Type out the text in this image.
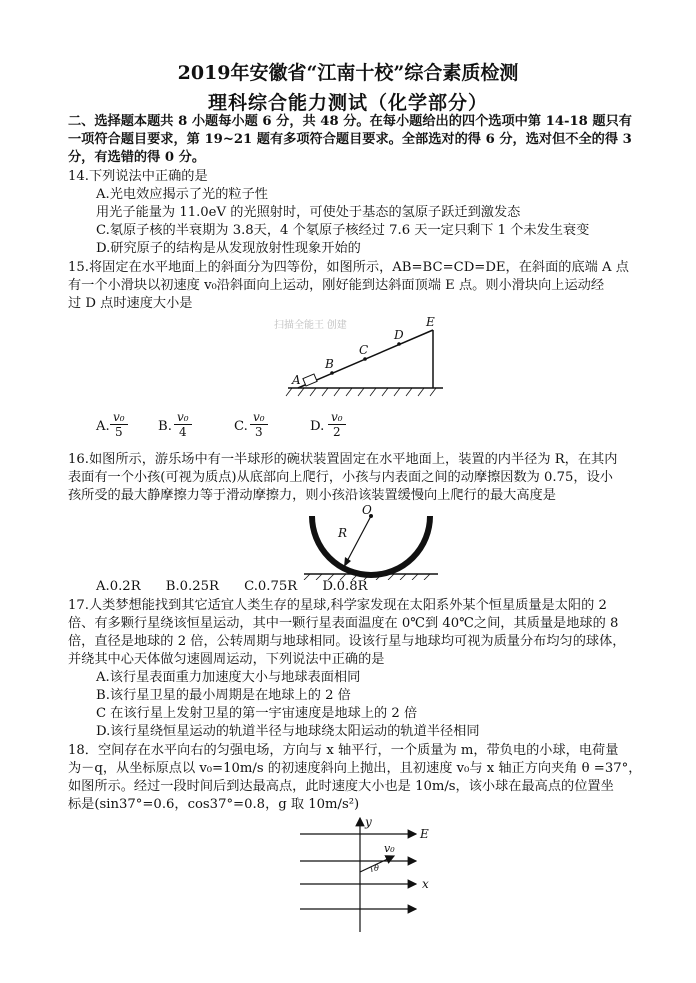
2019年安徽省“江南十校”综合素质检测
理科综合能力测试（化学部分）
二、选择题本题共 8 小题每小题 6 分，共 48 分。在每小题给出的四个选项中第 14-18 题只有
一项符合题目要求，第 19~21 题有多项符合题目要求。全部选对的得 6 分，选对但不全的得 3
分，有选错的得 0 分。
14.下列说法中正确的是
A.光电效应揭示了光的粒子性
用光子能量为 11.0eV 的光照射时，可使处于基态的氢原子跃迁到激发态
C.氡原子核的半衰期为 3.8天，4 个氡原子核经过 7.6 天一定只剩下 1 个未发生衰变
D.研究原子的结构是从发现放射性现象开始的
15.将固定在水平地面上的斜面分为四等份，如图所示，AB=BC=CD=DE，在斜面的底端 A 点
有一个小滑块以初速度 v₀沿斜面向上运动，刚好能到达斜面顶端 E 点。则小滑块向上运动经
过 D 点时速度大小是
扫描全能王 创建
A
B
C
D
E
A. $\frac{\text{v₀}}{5} B$. $\frac{\text{v₀}}{4}$	C. $\frac{\text{v₀}}{3}$	D. $\frac{\text{v₀}}{2}$
16.如图所示，游乐场中有一半球形的碗状装置固定在水平地面上，装置的内半径为 R，在其内
表面有一个小孩(可视为质点)从底部向上爬行，小孩与内表面之间的动摩擦因数为 0.75，设小
孩所受的最大静摩擦力等于滑动摩擦力，则小孩沿该装置缓慢向上爬行的最大高度是
O
R
A.0.2R      B.0.25R      C.0.75R      D.0.8R
17.人类梦想能找到其它适宜人类生存的星球,科学家发现在太阳系外某个恒星质量是太阳的 2
倍、有多颗行星绕该恒星运动，其中一颗行星表面温度在 0℃到 40℃之间，其质量是地球的 8
倍，直径是地球的 2 倍，公转周期与地球相同。设该行星与地球均可视为质量分布均匀的球体，
并绕其中心天体做匀速圆周运动，下列说法中正确的是
A.该行星表面重力加速度大小与地球表面相同
B.该行星卫星的最小周期是在地球上的 2 倍
C 在该行星上发射卫星的第一宇宙速度是地球上的 2 倍
D.该行星绕恒星运动的轨道半径与地球绕太阳运动的轨道半径相同
18．空间存在水平向右的匀强电场，方向与 x 轴平行，一个质量为 m，带负电的小球，电荷量
为－q，从坐标原点以 v₀=10m/s 的初速度斜向上抛出，且初速度 v₀与 x 轴正方向夹角 θ =37°，
如图所示。经过一段时间后到达最高点，此时速度大小也是 10m/s，该小球在最高点的位置坐
标是(sin37°=0.6，cos37°=0.8，g 取 10m/s²)
y
x
E
v₀
θ
